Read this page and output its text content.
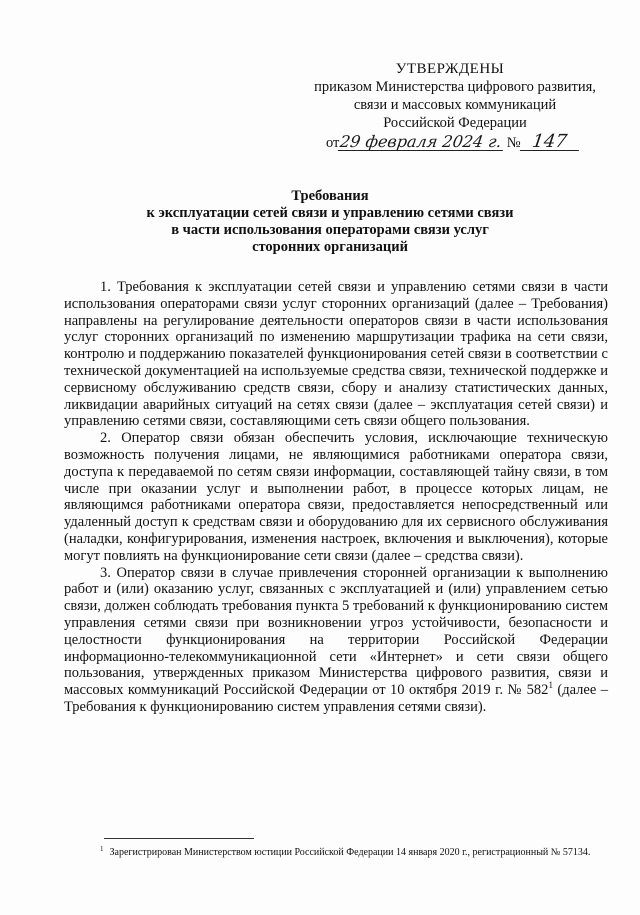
УТВЕРЖДЕНЫ
приказом Министерства цифрового развития,
связи и массовых коммуникаций
Российской Федерации
от 29 февраля 2024 г. № 147
Требования
к эксплуатации сетей связи и управлению сетями связи
в части использования операторами связи услуг
сторонних организаций

1. Требования к эксплуатации сетей связи и управлению сетями связи в части использования операторами связи услуг сторонних организаций (далее – Требования) направлены на регулирование деятельности операторов связи в части использования услуг сторонних организаций по изменению маршрутизации трафика на сети связи, контролю и поддержанию показателей функционирования сетей связи в соответствии с технической документацией на используемые средства связи, технической поддержке и сервисному обслуживанию средств связи, сбору и анализу статистических данных, ликвидации аварийных ситуаций на сетях связи (далее – эксплуатация сетей связи) и управлению сетями связи, составляющими сеть связи общего пользования.

2. Оператор связи обязан обеспечить условия, исключающие техническую возможность получения лицами, не являющимися работниками оператора связи, доступа к передаваемой по сетям связи информации, составляющей тайну связи, в том числе при оказании услуг и выполнении работ, в процессе которых лицам, не являющимся работниками оператора связи, предоставляется непосредственный или удаленный доступ к средствам связи и оборудованию для их сервисного обслуживания (наладки, конфигурирования, изменения настроек, включения и выключения), которые могут повлиять на функционирование сети связи (далее – средства связи).

3. Оператор связи в случае привлечения сторонней организации к выполнению работ и (или) оказанию услуг, связанных с эксплуатацией и (или) управлением сетью связи, должен соблюдать требования пункта 5 требований к функционированию систем управления сетями связи при возникновении угроз устойчивости, безопасности и целостности функционирования на территории Российской Федерации информационно-телекоммуникационной сети «Интернет» и сети связи общего пользования, утвержденных приказом Министерства цифрового развития, связи и массовых коммуникаций Российской Федерации от 10 октября 2019 г. № $582^1$ (далее – Требования к функционированию систем управления сетями связи).

$^1$ Зарегистрирован Министерством юстиции Российской Федерации 14 января 2020 г., регистрационный № 57134.
